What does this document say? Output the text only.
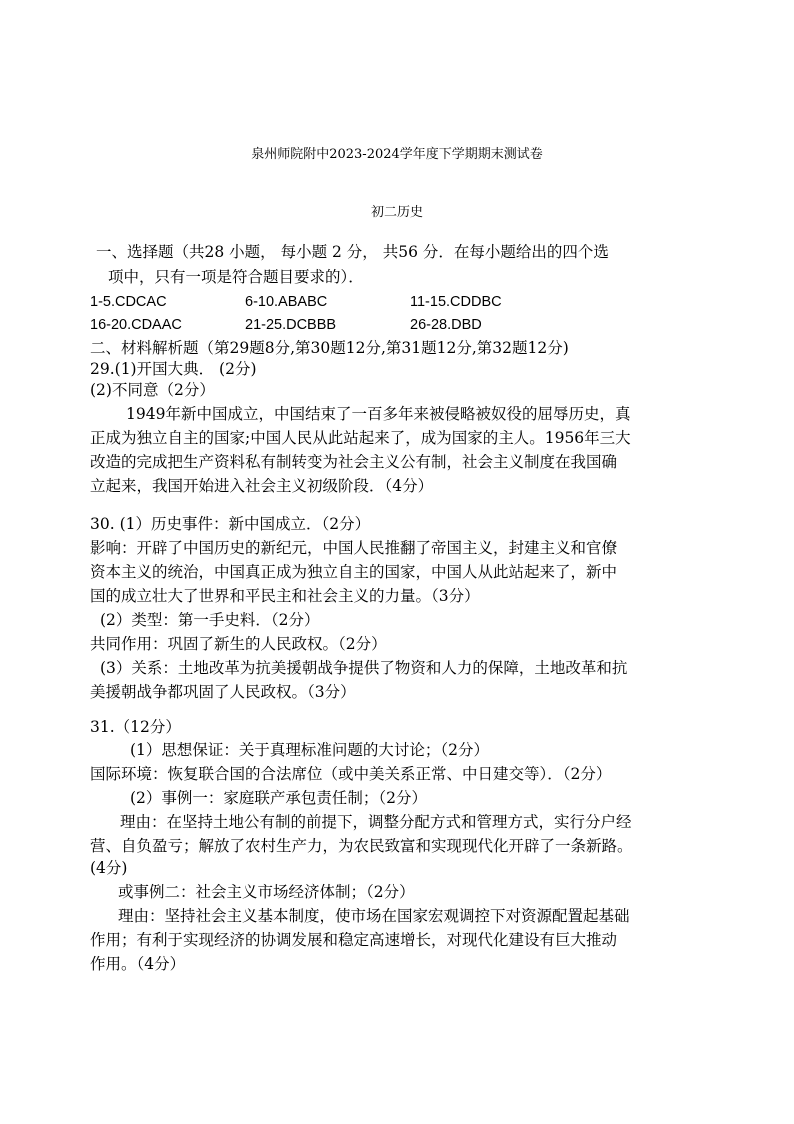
泉州师院附中2023-2024学年度下学期期末测试卷
初二历史
一、选择题（共28 小题， 每小题 2 分， 共56 分．在每小题给出的四个选
项中，只有一项是符合题目要求的）．
1-5.CDCAC	6-10.ABABC	11-15.CDDBC
16-20.CDAAC	21-25.DCBBB	26-28.DBD
二、材料解析题（第29题8分,第30题12分,第31题12分,第32题12分)
29.(1)开国大典． (2分)
(2)不同意（2分）
1949年新中国成立，中国结束了一百多年来被侵略被奴役的屈辱历史，真
正成为独立自主的国家;中国人民从此站起来了，成为国家的主人。1956年三大
改造的完成把生产资料私有制转变为社会主义公有制，社会主义制度在我国确
立起来，我国开始进入社会主义初级阶段．（4分）
30. (1）历史事件：新中国成立．（2分）
影响：开辟了中国历史的新纪元，中国人民推翻了帝国主义，封建主义和官僚
资本主义的统治，中国真正成为独立自主的国家，中国人从此站起来了，新中
国的成立壮大了世界和平民主和社会主义的力量。（3分）
(2）类型：第一手史料．（2分）
共同作用：巩固了新生的人民政权。（2分）
(3）关系：土地改革为抗美援朝战争提供了物资和人力的保障，土地改革和抗
美援朝战争都巩固了人民政权。（3分）
31.（12分）
(1）思想保证：关于真理标准问题的大讨论；（2分）
国际环境：恢复联合国的合法席位（或中美关系正常、中日建交等）．（2分）
(2）事例一：家庭联产承包责任制；（2分）
理由：在坚持土地公有制的前提下，调整分配方式和管理方式，实行分户经
营、自负盈亏；解放了农村生产力，为农民致富和实现现代化开辟了一条新路。
(4分)
或事例二：社会主义市场经济体制；（2分）
理由：坚持社会主义基本制度，使市场在国家宏观调控下对资源配置起基础
作用；有利于实现经济的协调发展和稳定高速增长，对现代化建设有巨大推动
作用。（4分）
